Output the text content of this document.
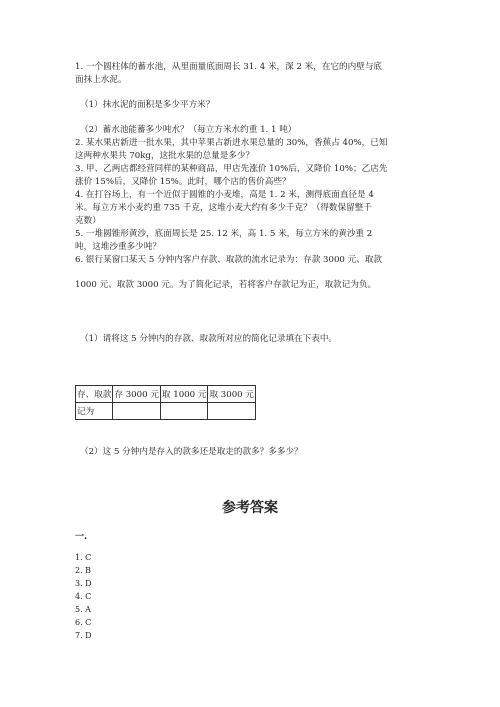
1. 一个圆柱体的蓄水池，从里面量底面周长 31. 4 米，深 2 米，在它的内壁与底
面抹上水泥。
（1）抹水泥的面积是多少平方米？
（2）蓄水池能蓄多少吨水？（每立方米水约重 1. 1 吨）
2. 某水果店新进一批水果，其中苹果占新进水果总量的 30%，香蕉占 40%，已知
这两种水果共 70kg，这批水果的总量是多少？
3. 甲、乙两店都经营同样的某种商品，甲店先涨价 10%后，又降价 10%；乙店先
涨价 15%后，又降价 15%。此时，哪个店的售价高些？
4. 在打谷场上，有一个近似于圆锥的小麦堆，高是 1. 2 米，测得底面直径是 4
米。每立方米小麦约重 735 千克，这堆小麦大约有多少千克？（得数保留整千
克数）
5. 一堆圆锥形黄沙，底面周长是 25. 12 米，高 1. 5 米，每立方米的黄沙重 2
吨，这堆沙重多少吨？
6. 银行某窗口某天 5 分钟内客户存款、取款的流水记录为：存款 3000 元、取款
1000 元、取款 3000 元。为了简化记录，若将客户存款记为正，取款记为负。
（1）请将这 5 分钟内的存款、取款所对应的简化记录填在下表中。
存、取款	存 3000 元	取 1000 元	取 3000 元
记为			
（2）这 5 分钟内是存入的款多还是取走的款多？多多少？
参考答案
一.
1. C
2. B
3. D
4. C
5. A
6. C
7. D
